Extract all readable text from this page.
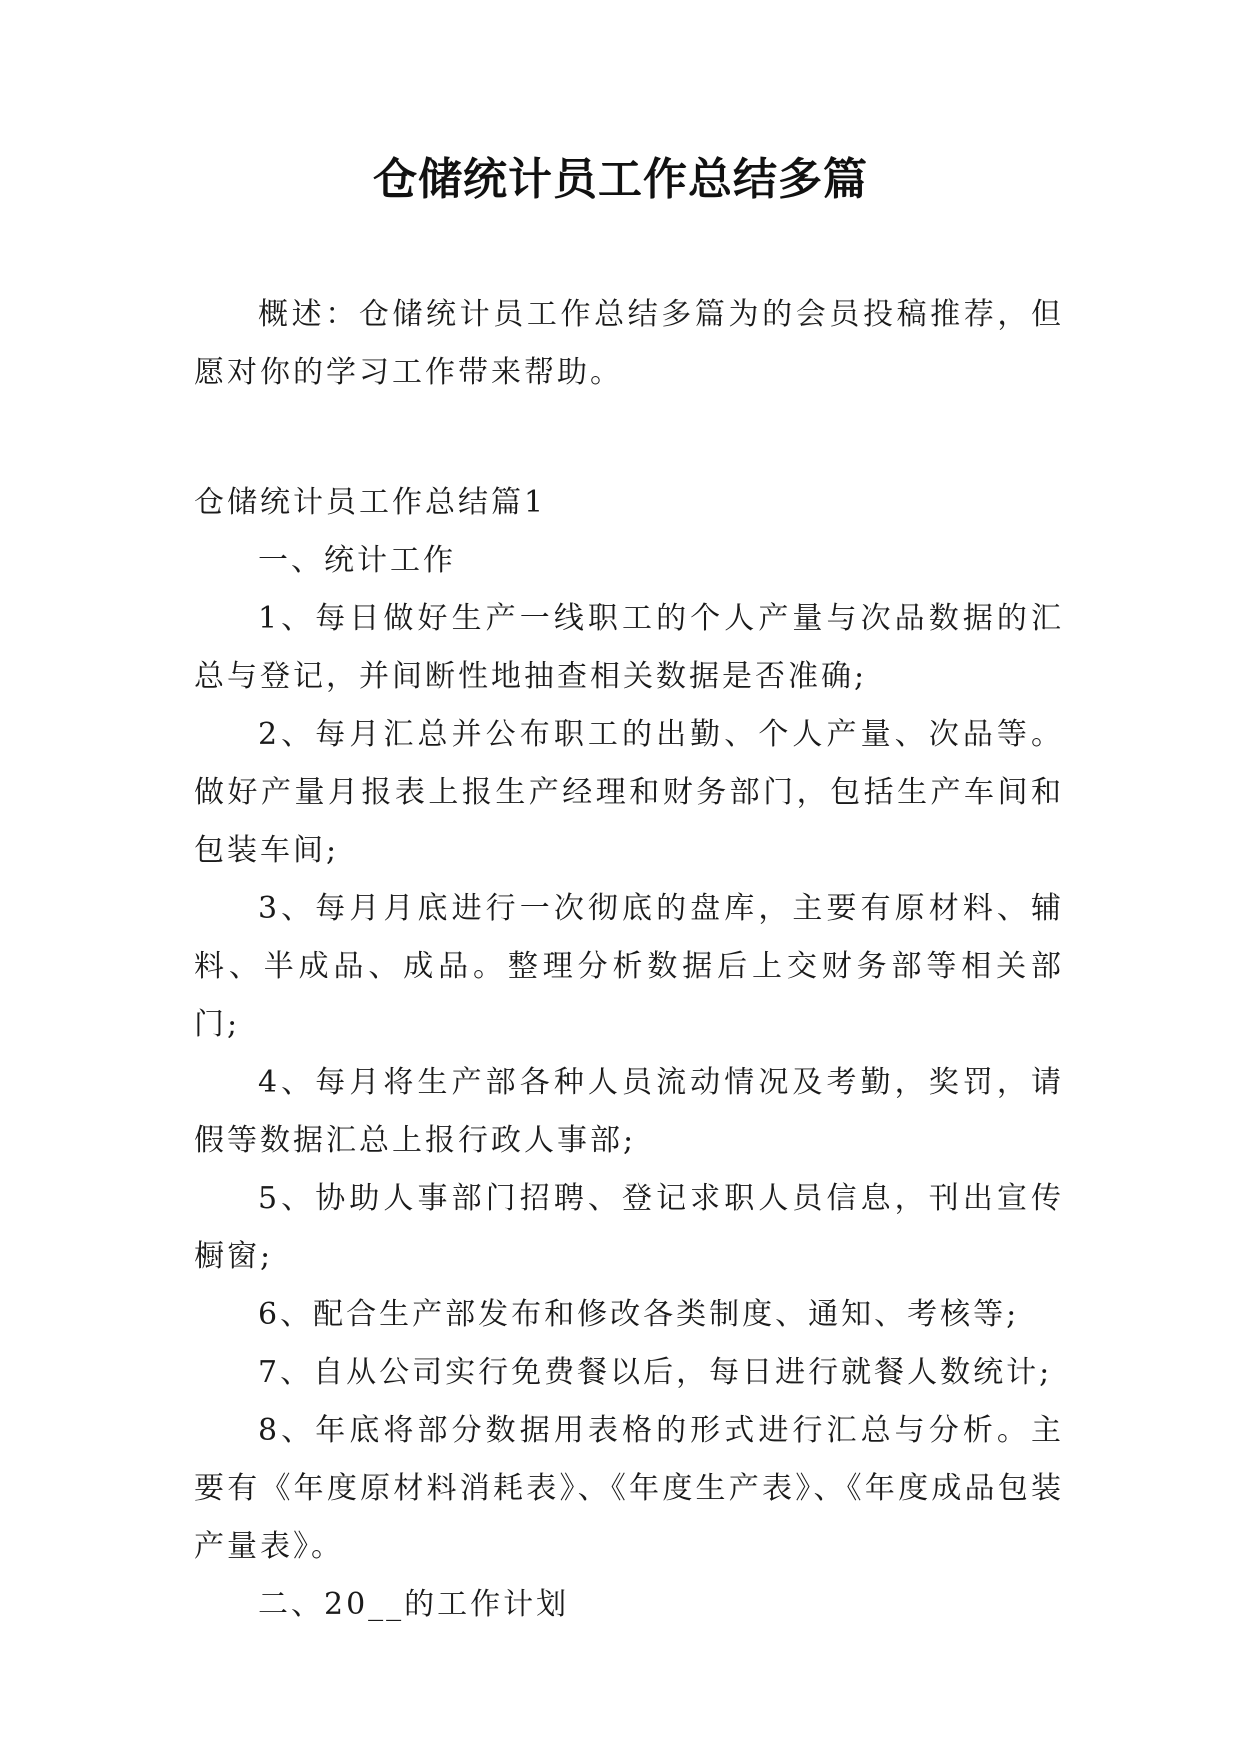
仓储统计员工作总结多篇

概述：仓储统计员工作总结多篇为的会员投稿推荐，但愿对你的学习工作带来帮助。

仓储统计员工作总结篇1

一、统计工作

1、每日做好生产一线职工的个人产量与次品数据的汇总与登记，并间断性地抽查相关数据是否准确;

2、每月汇总并公布职工的出勤、个人产量、次品等。做好产量月报表上报生产经理和财务部门，包括生产车间和包装车间;

3、每月月底进行一次彻底的盘库，主要有原材料、辅料、半成品、成品。整理分析数据后上交财务部等相关部门;

4、每月将生产部各种人员流动情况及考勤，奖罚，请假等数据汇总上报行政人事部;

5、协助人事部门招聘、登记求职人员信息，刊出宣传橱窗;

6、配合生产部发布和修改各类制度、通知、考核等;

7、自从公司实行免费餐以后，每日进行就餐人数统计;

8、年底将部分数据用表格的形式进行汇总与分析。主要有《年度原材料消耗表》、《年度生产表》、《年度成品包装产量表》。

二、20__的工作计划
